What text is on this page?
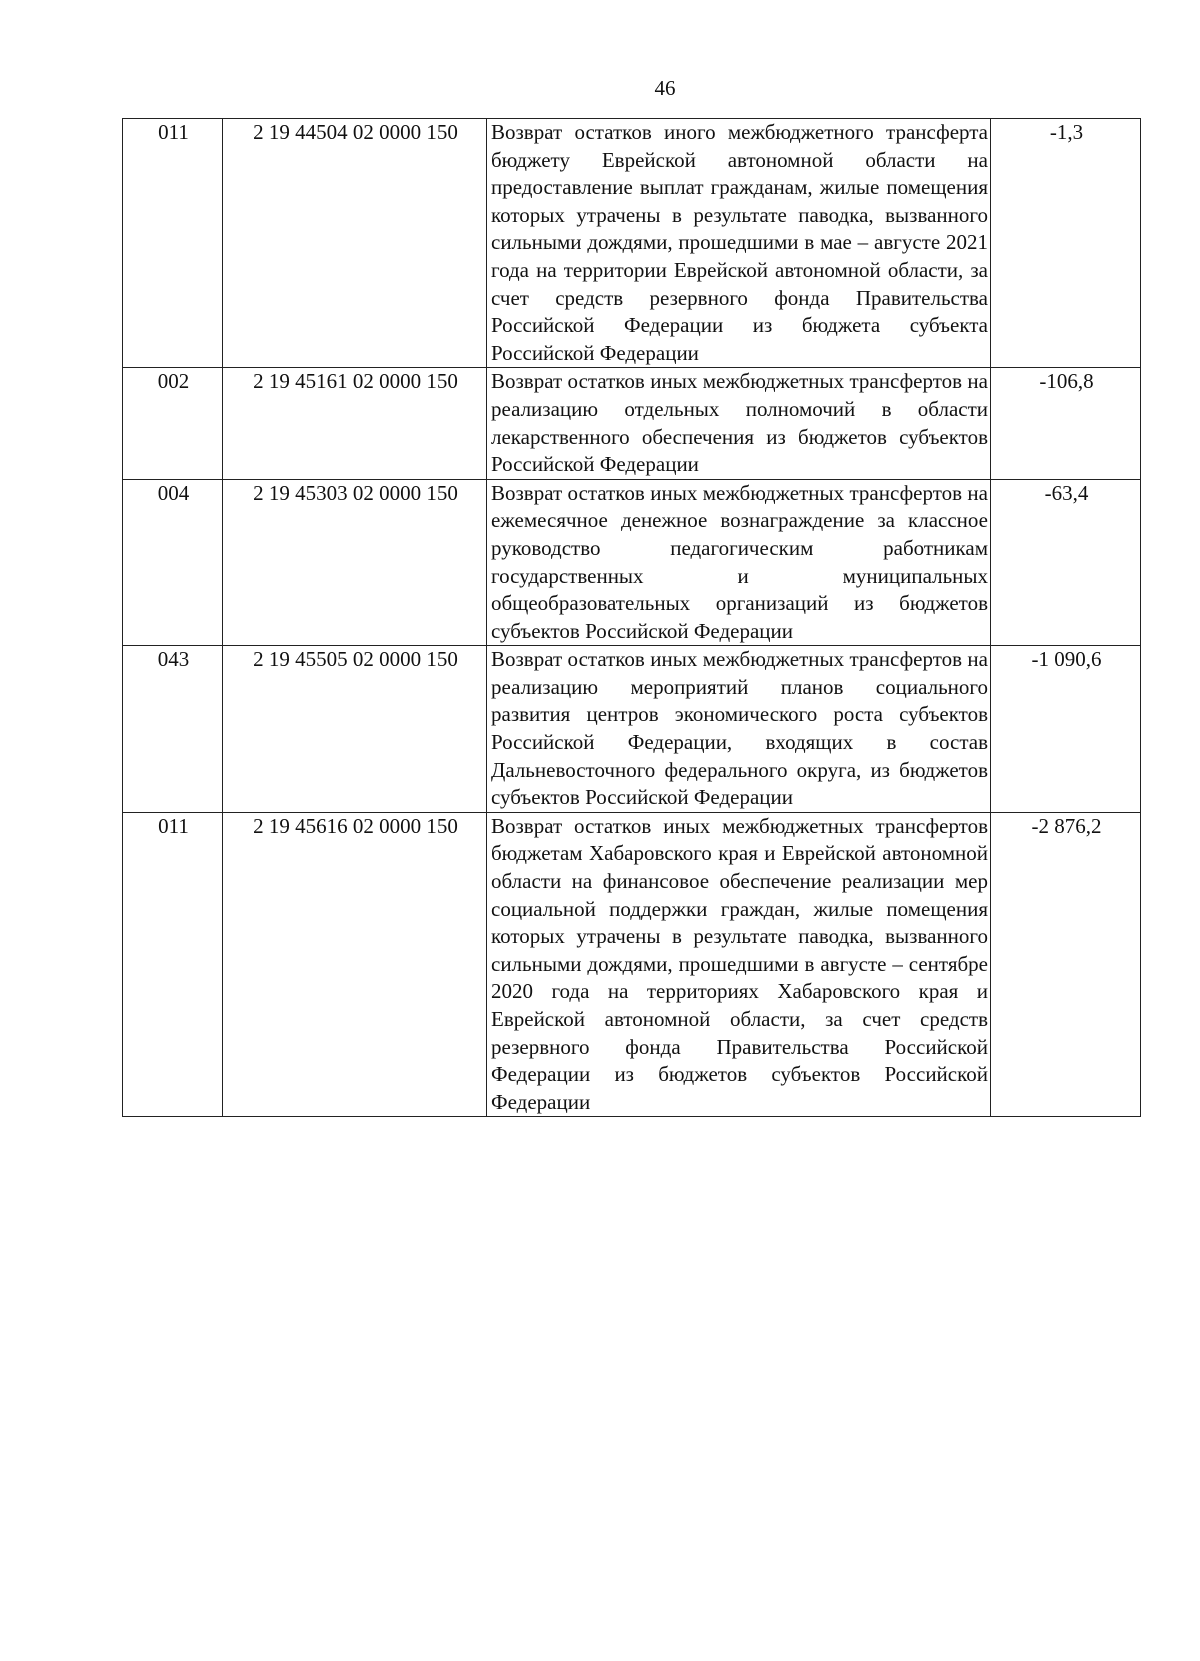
46
011	2 19 44504 02 0000 150	Возврат остатков иного межбюджетного трансферта бюджету Еврейской автономной области на предоставление выплат гражданам, жилые помещения которых утрачены в результате паводка, вызванного сильными дождями, прошедшими в мае – августе 2021 года на территории Еврейской автономной области, за счет средств резервного фонда Правительства Российской Федерации из бюджета субъекта Российской Федерации	-1,3
002	2 19 45161 02 0000 150	Возврат остатков иных межбюджетных трансфертов на реализацию отдельных полномочий в области лекарственного обеспечения из бюджетов субъектов Российской Федерации	-106,8
004	2 19 45303 02 0000 150	Возврат остатков иных межбюджетных трансфертов на ежемесячное денежное вознаграждение за классное руководство педагогическим работникам государственных и муниципальных общеобразовательных организаций из бюджетов субъектов Российской Федерации	-63,4
043	2 19 45505 02 0000 150	Возврат остатков иных межбюджетных трансфертов на реализацию мероприятий планов социального развития центров экономического роста субъектов Российской Федерации, входящих в состав Дальневосточного федерального округа, из бюджетов субъектов Российской Федерации	-1 090,6
011	2 19 45616 02 0000 150	Возврат остатков иных межбюджетных трансфертов бюджетам Хабаровского края и Еврейской автономной области на финансовое обеспечение реализации мер социальной поддержки граждан, жилые помещения которых утрачены в результате паводка, вызванного сильными дождями, прошедшими в августе – сентябре 2020 года на территориях Хабаровского края и Еврейской автономной области, за счет средств резервного фонда Правительства Российской Федерации из бюджетов субъектов Российской Федерации	-2 876,2
